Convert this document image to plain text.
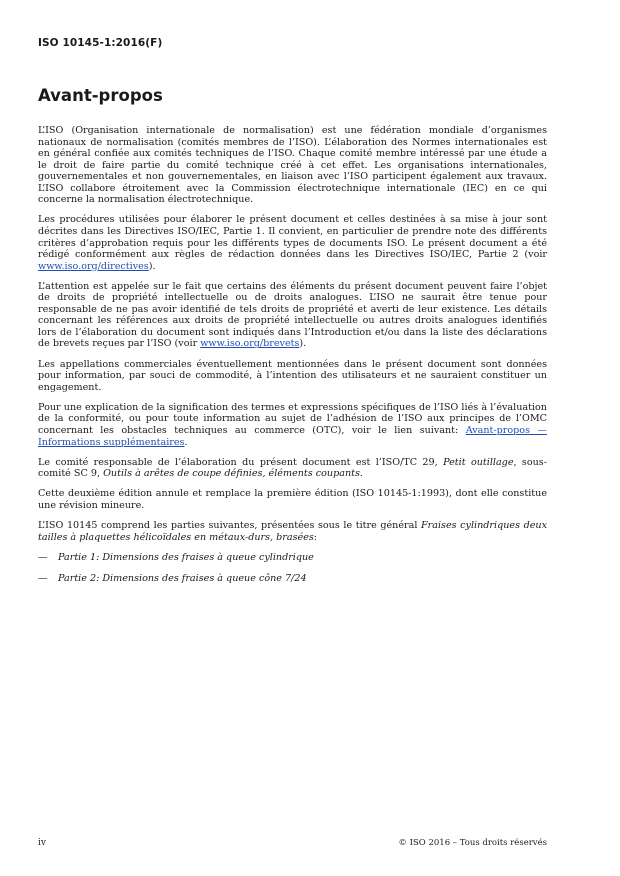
ISO 10145-1:2016(F)
Avant-propos

L’ISO (Organisation internationale de normalisation) est une fédération mondiale d’organismes nationaux de normalisation (comités membres de l’ISO). L’élaboration des Normes internationales est en général confiée aux comités techniques de l’ISO. Chaque comité membre intéressé par une étude a le droit de faire partie du comité technique créé à cet effet. Les organisations internationales, gouvernementales et non gouvernementales, en liaison avec l’ISO participent également aux travaux. L’ISO collabore étroitement avec la Commission électrotechnique internationale (IEC) en ce qui concerne la normalisation électrotechnique.

Les procédures utilisées pour élaborer le présent document et celles destinées à sa mise à jour sont décrites dans les Directives ISO/IEC, Partie 1. Il convient, en particulier de prendre note des différents critères d’approbation requis pour les différents types de documents ISO. Le présent document a été rédigé conformément aux règles de rédaction données dans les Directives ISO/IEC, Partie 2 (voir www.iso.org/directives).

L’attention est appelée sur le fait que certains des éléments du présent document peuvent faire l’objet de droits de propriété intellectuelle ou de droits analogues. L’ISO ne saurait être tenue pour responsable de ne pas avoir identifié de tels droits de propriété et averti de leur existence. Les détails concernant les références aux droits de propriété intellectuelle ou autres droits analogues identifiés lors de l’élaboration du document sont indiqués dans l’Introduction et/ou dans la liste des déclarations de brevets reçues par l’ISO (voir www.iso.org/brevets).

Les appellations commerciales éventuellement mentionnées dans le présent document sont données pour information, par souci de commodité, à l’intention des utilisateurs et ne sauraient constituer un engagement.

Pour une explication de la signification des termes et expressions spécifiques de l’ISO liés à l’évaluation de la conformité, ou pour toute information au sujet de l’adhésion de l’ISO aux principes de l’OMC concernant les obstacles techniques au commerce (OTC), voir le lien suivant: Avant-propos — Informations supplémentaires.

Le comité responsable de l’élaboration du présent document est l’ISO/TC 29, Petit outillage, sous-comité SC 9, Outils à arêtes de coupe définies, éléments coupants.

Cette deuxième édition annule et remplace la première édition (ISO 10145-1:1993), dont elle constitue une révision mineure.

L’ISO 10145 comprend les parties suivantes, présentées sous le titre général Fraises cylindriques deux tailles à plaquettes hélicoïdales en métaux-durs, brasées:

— Partie 1: Dimensions des fraises à queue cylindrique

— Partie 2: Dimensions des fraises à queue cône 7/24

iv	© ISO 2016 – Tous droits réservés
